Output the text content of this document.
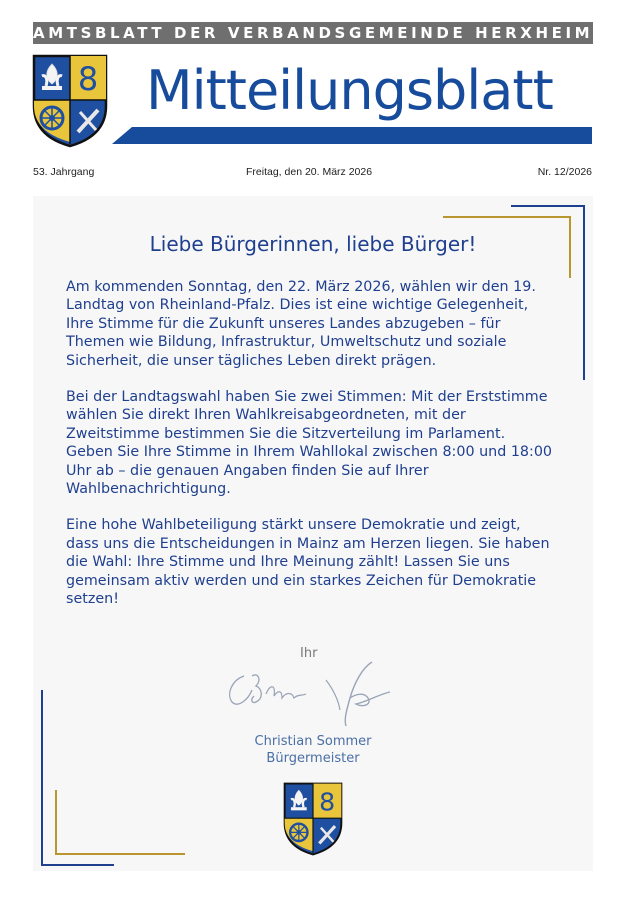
AMTSBLATT DER VERBANDSGEMEINDE HERXHEIM
8 Mitteilungsblatt
53. Jahrgang	Freitag, den 20. März 2026	Nr. 12/2026
Liebe Bürgerinnen, liebe Bürger!

Am kommenden Sonntag, den 22. März 2026, wählen wir den 19. Landtag von Rheinland-Pfalz. Dies ist eine wichtige Gelegenheit, Ihre Stimme für die Zukunft unseres Landes abzugeben – für Themen wie Bildung, Infrastruktur, Umweltschutz und soziale Sicherheit, die unser tägliches Leben direkt prägen.

Bei der Landtagswahl haben Sie zwei Stimmen: Mit der Erststimme wählen Sie direkt Ihren Wahlkreisabgeordneten, mit der Zweitstimme bestimmen Sie die Sitzverteilung im Parlament. Geben Sie Ihre Stimme in Ihrem Wahllokal zwischen 8:00 und 18:00 Uhr ab – die genauen Angaben finden Sie auf Ihrer Wahlbenachrichtigung.

Eine hohe Wahlbeteiligung stärkt unsere Demokratie und zeigt, dass uns die Entscheidungen in Mainz am Herzen liegen. Sie haben die Wahl: Ihre Stimme und Ihre Meinung zählt! Lassen Sie uns gemeinsam aktiv werden und ein starkes Zeichen für Demokratie setzen!

Ihr
Christian Sommer
Bürgermeister
8
